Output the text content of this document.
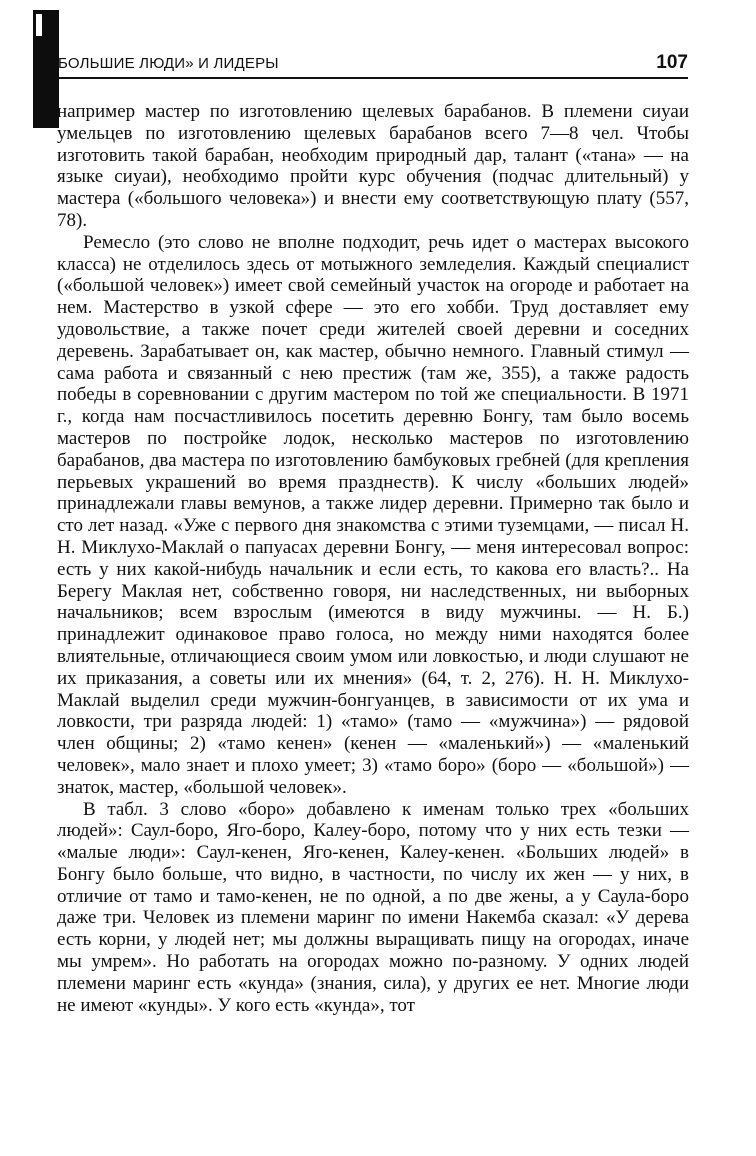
БОЛЬШИЕ ЛЮДИ» И ЛИДЕРЫ	107

например мастер по изготовлению щелевых барабанов. В племени сиуаи умельцев по изготовлению щелевых барабанов всего 7—8 чел. Чтобы изготовить такой барабан, необходим природный дар, талант («тана» — на языке сиуаи), необходимо пройти курс обучения (подчас длительный) у мастера («большого человека») и внести ему соответствующую плату (557, 78).

Ремесло (это слово не вполне подходит, речь идет о мастерах высокого класса) не отделилось здесь от мотыжного земледелия. Каждый специалист («большой человек») имеет свой семейный участок на огороде и работает на нем. Мастерство в узкой сфере — это его хобби. Труд доставляет ему удовольствие, а также почет среди жителей своей деревни и соседних деревень. Зарабатывает он, как мастер, обычно немного. Главный стимул — сама работа и связанный с нею престиж (там же, 355), а также радость победы в соревновании с другим мастером по той же специальности. В 1971 г., когда нам посчастливилось посетить деревню Бонгу, там было восемь мастеров по постройке лодок, несколько мастеров по изготовлению барабанов, два мастера по изготовлению бамбуковых гребней (для крепления перьевых украшений во время празднеств). К числу «больших людей» принадлежали главы вемунов, а также лидер деревни. Примерно так было и сто лет назад. «Уже с первого дня знакомства с этими туземцами, — писал Н. Н. Миклухо-Маклай о папуасах деревни Бонгу, — меня интересовал вопрос: есть у них какой-нибудь начальник и если есть, то какова его власть?.. На Берегу Маклая нет, собственно говоря, ни наследственных, ни выборных начальников; всем взрослым (имеются в виду мужчины. — Н. Б.) принадлежит одинаковое право голоса, но между ними находятся более влиятельные, отличающиеся своим умом или ловкостью, и люди слушают не их приказания, а советы или их мнения» (64, т. 2, 276). Н. Н. Миклухо-Маклай выделил среди мужчин-бонгуанцев, в зависимости от их ума и ловкости, три разряда людей: 1) «тамо» (тамо — «мужчина») — рядовой член общины; 2) «тамо кенен» (кенен — «маленький») — «маленький человек», мало знает и плохо умеет; 3) «тамо боро» (боро — «большой») — знаток, мастер, «большой человек».

В табл. 3 слово «боро» добавлено к именам только трех «больших людей»: Саул-боро, Яго-боро, Калеу-боро, потому что у них есть тезки — «малые люди»: Саул-кенен, Яго-кенен, Калеу-кенен. «Больших людей» в Бонгу было больше, что видно, в частности, по числу их жен — у них, в отличие от тамо и тамо-кенен, не по одной, а по две жены, а у Саула-боро даже три. Человек из племени маринг по имени Накемба сказал: «У дерева есть корни, у людей нет; мы должны выращивать пищу на огородах, иначе мы умрем». Но работать на огородах можно по-разному. У одних людей племени маринг есть «кунда» (знания, сила), у других ее нет. Многие люди не имеют «кунды». У кого есть «кунда», тот
